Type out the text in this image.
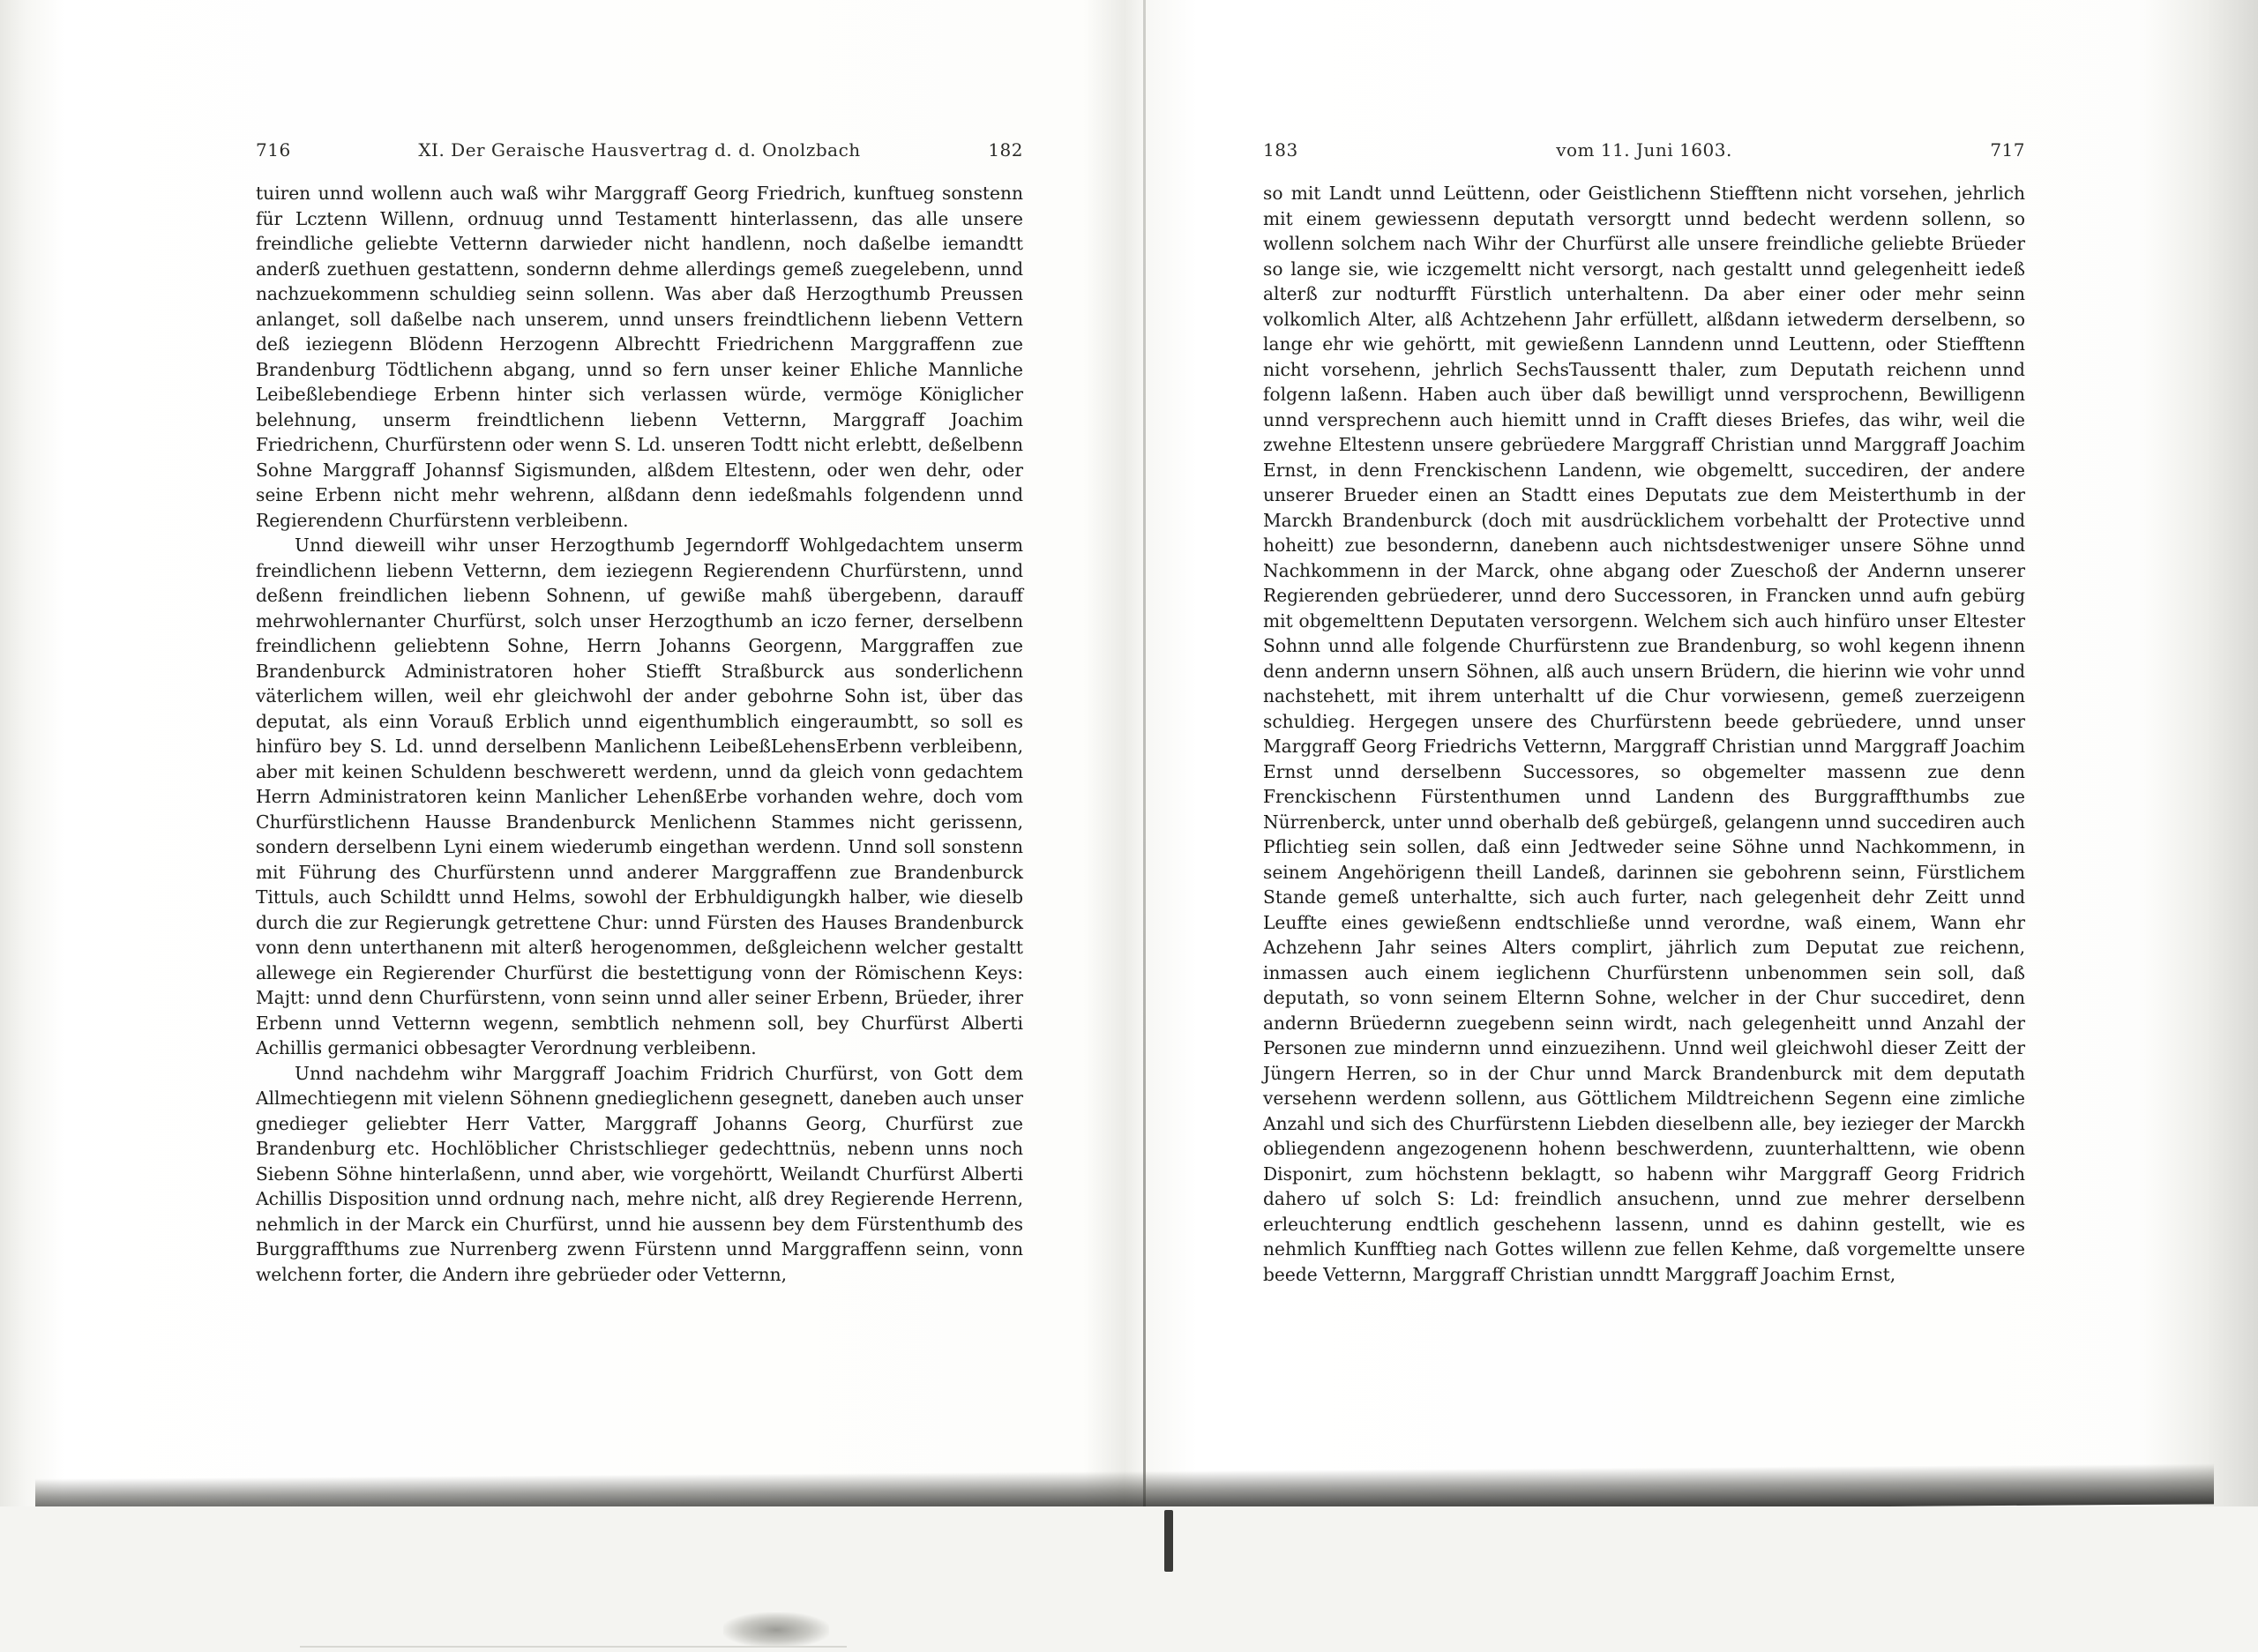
XI. Der Geraische Hausvertrag d. d. Onolzbach
716	182

tuiren unnd wollenn auch waß wihr Marggraff Georg Friedrich, kunftueg sonstenn für Lcztenn Willenn, ordnuug unnd Testamentt hinterlassenn, das alle unsere freindliche geliebte Vetternn darwieder nicht handlenn, noch daßelbe iemandtt anderß zuethuen gestattenn, sondernn dehme allerdings gemeß zuegelebenn, unnd nachzuekommenn schuldieg seinn sollenn. Was aber daß Herzogthumb Preussen anlanget, soll daßelbe nach unserem, unnd unsers freindtlichenn liebenn Vettern deß ieziegenn Blödenn Herzogenn Albrechtt Friedrichenn Marggraffenn zue Brandenburg Tödtlichenn abgang, unnd so fern unser keiner Ehliche Mannliche Leibeßlebendiege Erbenn hinter sich verlassen würde, vermöge Königlicher belehnung, unserm freindtlichenn liebenn Vetternn, Marggraff Joachim Friedrichenn, Churfürstenn oder wenn S. Ld. unseren Todtt nicht erlebtt, deßelbenn Sohne Marggraff Johannsf Sigismunden, alßdem Eltestenn, oder wen dehr, oder seine Erbenn nicht mehr wehrenn, alßdann denn iedeßmahls folgendenn unnd Regierendenn Churfürstenn verbleibenn.

Unnd dieweill wihr unser Herzogthumb Jegerndorff Wohlgedachtem unserm freindlichenn liebenn Vetternn, dem ieziegenn Regierendenn Churfürstenn, unnd deßenn freindlichen liebenn Sohnenn, uf gewiße mahß übergebenn, darauff mehrwohlernanter Churfürst, solch unser Herzogthumb an iczo ferner, derselbenn freindlichenn geliebtenn Sohne, Herrn Johanns Georgenn, Marggraffen zue Brandenburck Administratoren hoher Stiefft Straßburck aus sonderlichenn väterlichem willen, weil ehr gleichwohl der ander gebohrne Sohn ist, über das deputat, als einn Vorauß Erblich unnd eigenthumblich eingeraumbtt, so soll es hinfüro bey S. Ld. unnd derselbenn Manlichenn LeibeßLehensErbenn verbleibenn, aber mit keinen Schuldenn beschwerett werdenn, unnd da gleich vonn gedachtem Herrn Administratoren keinn Manlicher LehenßErbe vorhanden wehre, doch vom Churfürstlichenn Hausse Brandenburck Menlichenn Stammes nicht gerissenn, sondern derselbenn Lyni einem wiederumb eingethan werdenn. Unnd soll sonstenn mit Führung des Churfürstenn unnd anderer Marggraffenn zue Brandenburck Tittuls, auch Schildtt unnd Helms, sowohl der Erbhuldigungkh halber, wie dieselb durch die zur Regierungk getrettene Chur: unnd Fürsten des Hauses Brandenburck vonn denn unterthanenn mit alterß herogenommen, deßgleichenn welcher gestaltt allewege ein Regierender Churfürst die bestettigung vonn der Römischenn Keys: Majtt: unnd denn Churfürstenn, vonn seinn unnd aller seiner Erbenn, Brüeder, ihrer Erbenn unnd Vetternn wegenn, sembtlich nehmenn soll, bey Churfürst Alberti Achillis germanici obbesagter Verordnung verbleibenn.

Unnd nachdehm wihr Marggraff Joachim Fridrich Churfürst, von Gott dem Allmechtiegenn mit vielenn Söhnenn gnedieglichenn gesegnett, daneben auch unser gnedieger geliebter Herr Vatter, Marggraff Johanns Georg, Churfürst zue Brandenburg etc. Hochlöblicher Christschlieger gedechttnüs, nebenn unns noch Siebenn Söhne hinterlaßenn, unnd aber, wie vorgehörtt, Weilandt Churfürst Alberti Achillis Disposition unnd ordnung nach, mehre nicht, alß drey Regierende Herrenn, nehmlich in der Marck ein Churfürst, unnd hie aussenn bey dem Fürstenthumb des Burggraffthums zue Nurrenberg zwenn Fürstenn unnd Marggraffenn seinn, vonn welchenn forter, die Andern ihre gebrüeder oder Vetternn,

vom 11. Juni 1603.
183	717

so mit Landt unnd Leüttenn, oder Geistlichenn Stiefftenn nicht vorsehen, jehrlich mit einem gewiessenn deputath versorgtt unnd bedecht werdenn sollenn, so wollenn solchem nach Wihr der Churfürst alle unsere freindliche geliebte Brüeder so lange sie, wie iczgemeltt nicht versorgt, nach gestaltt unnd gelegenheitt iedeß alterß zur nodturfft Fürstlich unterhaltenn. Da aber einer oder mehr seinn volkomlich Alter, alß Achtzehenn Jahr erfüllett, alßdann ietwederm derselbenn, so lange ehr wie gehörtt, mit gewießenn Lanndenn unnd Leuttenn, oder Stiefftenn nicht vorsehenn, jehrlich SechsTaussentt thaler, zum Deputath reichenn unnd folgenn laßenn. Haben auch über daß bewilligt unnd versprochenn, Bewilligenn unnd versprechenn auch hiemitt unnd in Crafft dieses Briefes, das wihr, weil die zwehne Eltestenn unsere gebrüedere Marggraff Christian unnd Marggraff Joachim Ernst, in denn Frenckischenn Landenn, wie obgemeltt, succediren, der andere unserer Brueder einen an Stadtt eines Deputats zue dem Meisterthumb in der Marckh Brandenburck (doch mit ausdrücklichem vorbehaltt der Protective unnd hoheitt) zue besondernn, danebenn auch nichtsdestweniger unsere Söhne unnd Nachkommenn in der Marck, ohne abgang oder Zueschoß der Andernn unserer Regierenden gebrüederer, unnd dero Successoren, in Francken unnd aufn gebürg mit obgemelttenn Deputaten versorgenn. Welchem sich auch hinfüro unser Eltester Sohnn unnd alle folgende Churfürstenn zue Brandenburg, so wohl kegenn ihnenn denn andernn unsern Söhnen, alß auch unsern Brüdern, die hierinn wie vohr unnd nachstehett, mit ihrem unterhaltt uf die Chur vorwiesenn, gemeß zuerzeigenn schuldieg. Hergegen unsere des Churfürstenn beede gebrüedere, unnd unser Marggraff Georg Friedrichs Vetternn, Marggraff Christian unnd Marggraff Joachim Ernst unnd derselbenn Successores, so obgemelter massenn zue denn Frenckischenn Fürstenthumen unnd Landenn des Burggraffthumbs zue Nürrenberck, unter unnd oberhalb deß gebürgeß, gelangenn unnd succediren auch Pflichtieg sein sollen, daß einn Jedtweder seine Söhne unnd Nachkommenn, in seinem Angehörigenn theill Landeß, darinnen sie gebohrenn seinn, Fürstlichem Stande gemeß unterhaltte, sich auch furter, nach gelegenheit dehr Zeitt unnd Leuffte eines gewießenn endtschließe unnd verordne, waß einem, Wann ehr Achzehenn Jahr seines Alters complirt, jährlich zum Deputat zue reichenn, inmassen auch einem ieglichenn Churfürstenn unbenommen sein soll, daß deputath, so vonn seinem Elternn Sohne, welcher in der Chur succediret, denn andernn Brüedernn zuegebenn seinn wirdt, nach gelegenheitt unnd Anzahl der Personen zue mindernn unnd einzuezihenn. Unnd weil gleichwohl dieser Zeitt der Jüngern Herren, so in der Chur unnd Marck Brandenburck mit dem deputath versehenn werdenn sollenn, aus Göttlichem Mildtreichenn Segenn eine zimliche Anzahl und sich des Churfürstenn Liebden dieselbenn alle, bey iezieger der Marckh obliegendenn angezogenenn hohenn beschwerdenn, zuunterhalttenn, wie obenn Disponirt, zum höchstenn beklagtt, so habenn wihr Marggraff Georg Fridrich dahero uf solch S: Ld: freindlich ansuchenn, unnd zue mehrer derselbenn erleuchterung endtlich geschehenn lassenn, unnd es dahinn gestellt, wie es nehmlich Kunfftieg nach Gottes willenn zue fellen Kehme, daß vorgemeltte unsere beede Vetternn, Marggraff Christian unndtt Marggraff Joachim Ernst,
